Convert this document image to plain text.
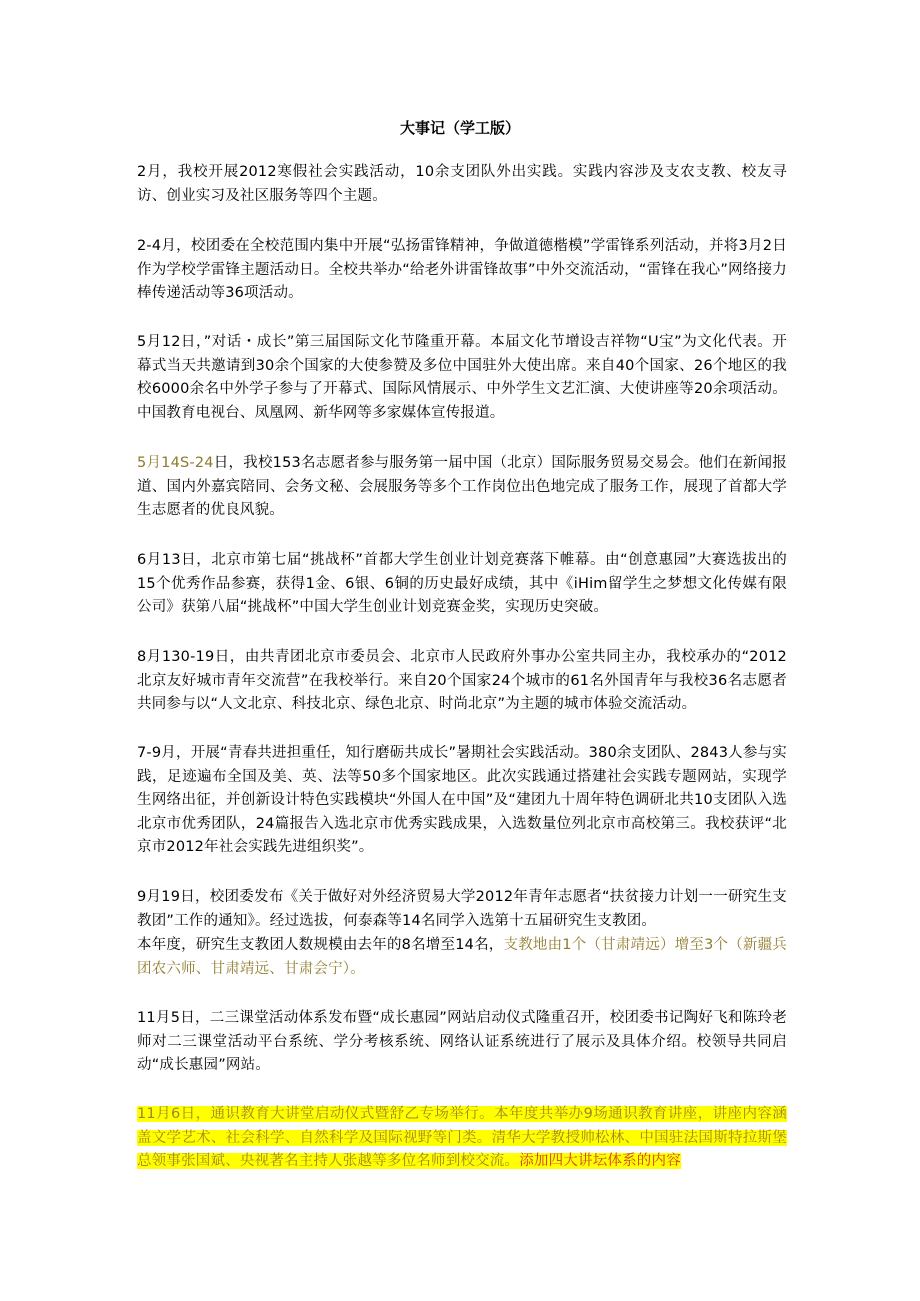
大事记（学工版）

2月，我校开展2012寒假社会实践活动，10余支团队外出实践。实践内容涉及支农支教、校友寻访、创业实习及社区服务等四个主题。

2-4月，校团委在全校范围内集中开展“弘扬雷锋精神，争做道德楷模”学雷锋系列活动，并将3月2日作为学校学雷锋主题活动日。全校共举办“给老外讲雷锋故事”中外交流活动，“雷锋在我心”网络接力棒传递活动等36项活动。

5月12日，”对话・成长”第三届国际文化节隆重开幕。本届文化节增设吉祥物“U宝”为文化代表。开幕式当天共邀请到30余个国家的大使参赞及多位中国驻外大使出席。来自40个国家、26个地区的我校6000余名中外学子参与了开幕式、国际风情展示、中外学生文艺汇演、大使讲座等20余项活动。中国教育电视台、凤凰网、新华网等多家媒体宣传报道。

5月14S-24日，我校153名志愿者参与服务第一届中国（北京）国际服务贸易交易会。他们在新闻报道、国内外嘉宾陪同、会务文秘、会展服务等多个工作岗位出色地完成了服务工作，展现了首都大学生志愿者的优良风貌。

6月13日，北京市第七届“挑战杯”首都大学生创业计划竞赛落下帷幕。由“创意惠园”大赛选拔出的15个优秀作品参赛，获得1金、6银、6铜的历史最好成绩，其中《iHim留学生之梦想文化传媒有限公司》获第八届“挑战杯”中国大学生创业计划竞赛金奖，实现历史突破。

8月130-19日，由共青团北京市委员会、北京市人民政府外事办公室共同主办，我校承办的“2012北京友好城市青年交流营”在我校举行。来自20个国家24个城市的61名外国青年与我校36名志愿者共同参与以“人文北京、科技北京、绿色北京、时尚北京”为主题的城市体验交流活动。

7-9月，开展“青春共进担重任，知行磨砺共成长”暑期社会实践活动。380余支团队、2843人参与实践，足迹遍布全国及美、英、法等50多个国家地区。此次实践通过搭建社会实践专题网站，实现学生网络出征，并创新设计特色实践模块“外国人在中国”及“建团九十周年特色调研北共10支团队入选北京市优秀团队，24篇报告入选北京市优秀实践成果，入选数量位列北京市高校第三。我校获评“北京市2012年社会实践先进组织奖”。

9月19日，校团委发布《关于做好对外经济贸易大学2012年青年志愿者“扶贫接力计划一一研究生支教团”工作的通知》。经过选拔，何泰森等14名同学入选第十五届研究生支教团。

本年度，研究生支教团人数规模由去年的8名增至14名，支教地由1个（甘肃靖远）增至3个（新疆兵团农六师、甘肃靖远、甘肃会宁）。

11月5日，二三课堂活动体系发布暨“成长惠园”网站启动仪式隆重召开，校团委书记陶好飞和陈玲老师对二三课堂活动平台系统、学分考核系统、网络认证系统进行了展示及具体介绍。校领导共同启动“成长惠园”网站。

11月6日，通识教育大讲堂启动仪式暨舒乙专场举行。本年度共举办9场通识教育讲座，讲座内容涵盖文学艺术、社会科学、自然科学及国际视野等门类。清华大学教授帅松林、中国驻法国斯特拉斯堡总领事张国斌、央视著名主持人张越等多位名师到校交流。添加四大讲坛体系的内容
